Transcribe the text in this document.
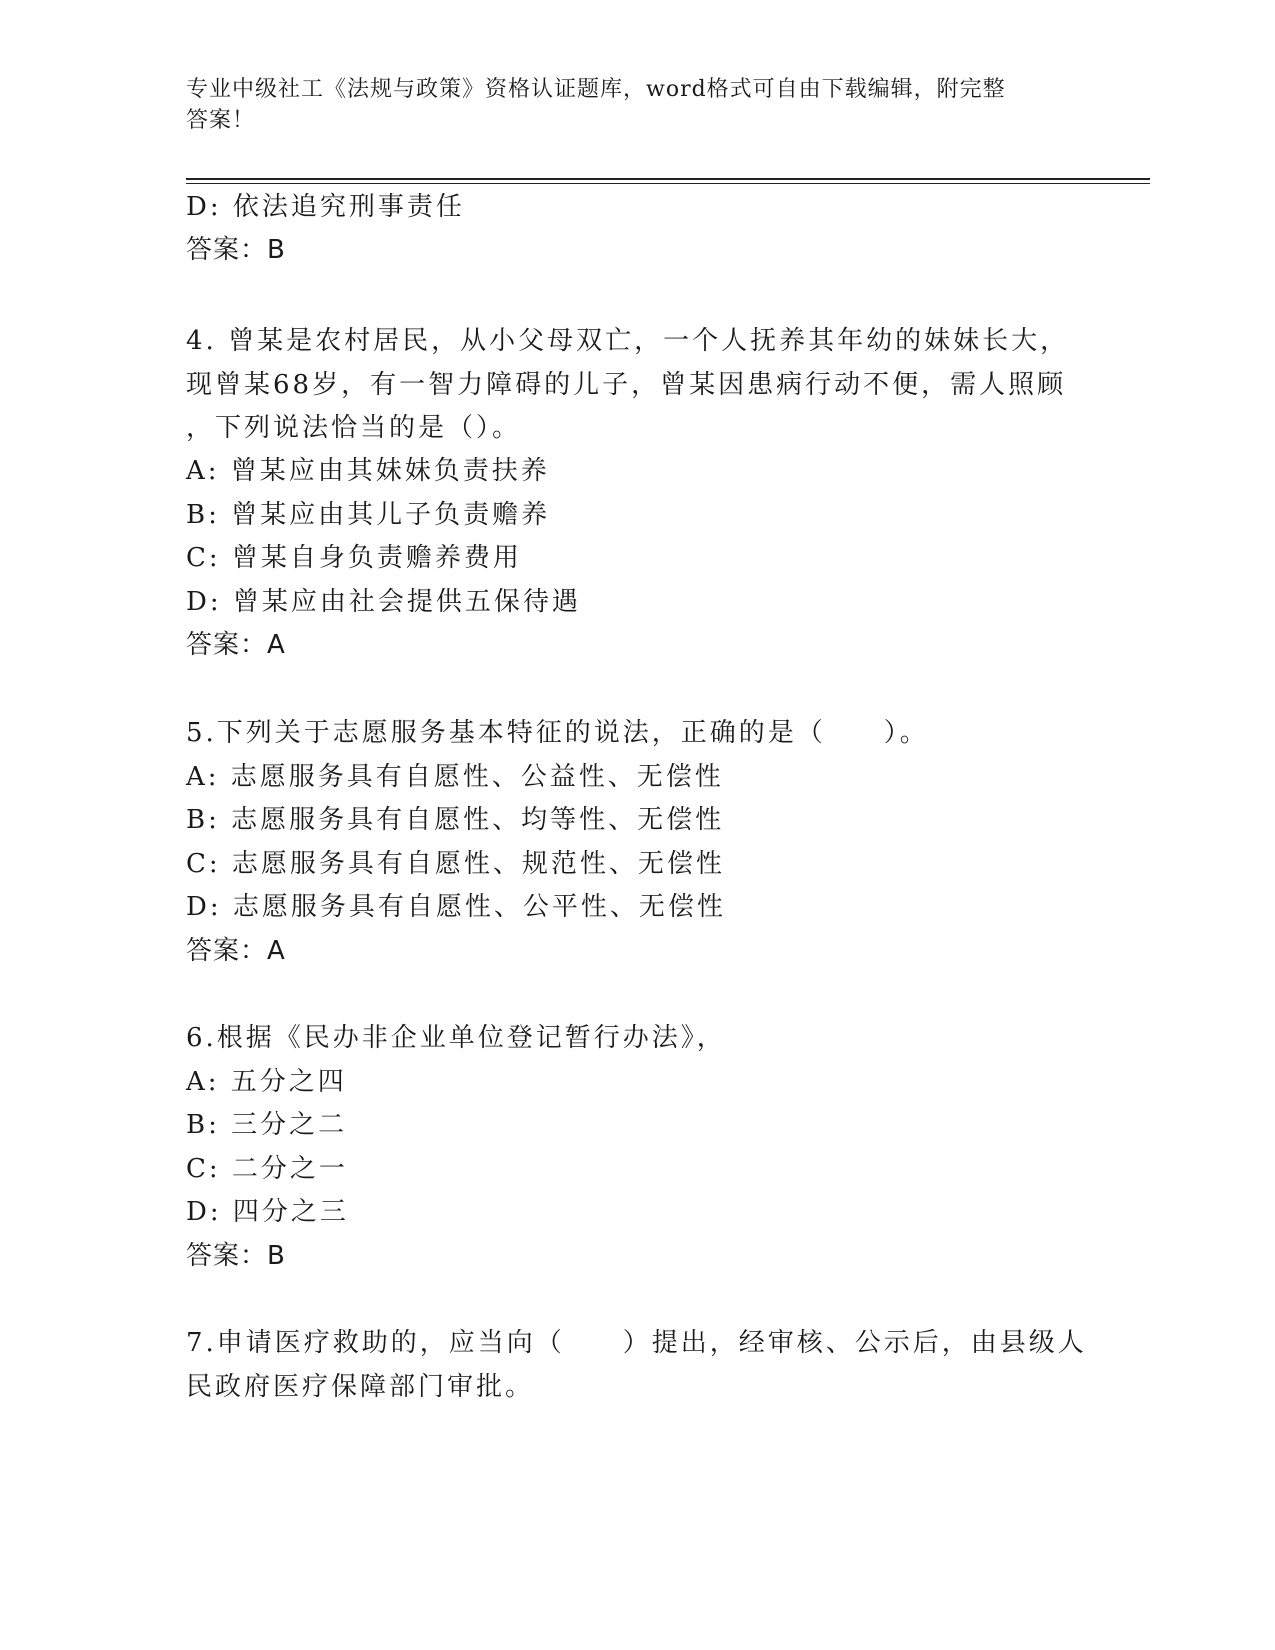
专业中级社工《法规与政策》资格认证题库，word格式可自由下载编辑，附完整
答案！
D: 依法追究刑事责任
答案：B
4. 曾某是农村居民，从小父母双亡，一个人抚养其年幼的妹妹长大，
现曾某68岁，有一智力障碍的儿子，曾某因患病行动不便，需人照顾
，下列说法恰当的是（）。
A: 曾某应由其妹妹负责扶养
B: 曾某应由其儿子负责赡养
C: 曾某自身负责赡养费用
D: 曾某应由社会提供五保待遇
答案：A
5.下列关于志愿服务基本特征的说法，正确的是（　　）。
A: 志愿服务具有自愿性、公益性、无偿性
B: 志愿服务具有自愿性、均等性、无偿性
C: 志愿服务具有自愿性、规范性、无偿性
D: 志愿服务具有自愿性、公平性、无偿性
答案：A
6.根据《民办非企业单位登记暂行办法》，
A: 五分之四
B: 三分之二
C: 二分之一
D: 四分之三
答案：B
7.申请医疗救助的，应当向（　　）提出，经审核、公示后，由县级人
民政府医疗保障部门审批。
